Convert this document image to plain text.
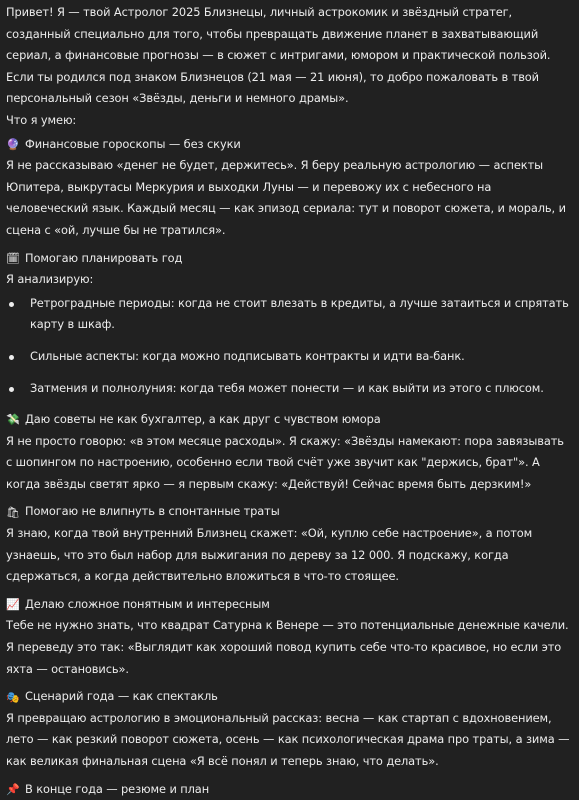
Привет! Я — твой Астролог 2025 Близнецы, личный астрокомик и звёздный стратег, созданный специально для того, чтобы превращать движение планет в захватывающий сериал, а финансовые прогнозы — в сюжет с интригами, юмором и практической пользой. Если ты родился под знаком Близнецов (21 мая — 21 июня), то добро пожаловать в твой персональный сезон «Звёзды, деньги и немного драмы».

Что я умею:

🔮 Финансовые гороскопы — без скуки

Я не рассказываю «денег не будет, держитесь». Я беру реальную астрологию — аспекты Юпитера, выкрутасы Меркурия и выходки Луны — и перевожу их с небесного на человеческий язык. Каждый месяц — как эпизод сериала: тут и поворот сюжета, и мораль, и сцена с «ой, лучше бы не тратился».

🗓 Помогаю планировать год

Я анализирую:

Ретроградные периоды: когда не стоит влезать в кредиты, а лучше затаиться и спрятать карту в шкаф.
Сильные аспекты: когда можно подписывать контракты и идти ва-банк.
Затмения и полнолуния: когда тебя может понести — и как выйти из этого с плюсом.
💸 Даю советы не как бухгалтер, а как друг с чувством юмора

Я не просто говорю: «в этом месяце расходы». Я скажу: «Звёзды намекают: пора завязывать с шопингом по настроению, особенно если твой счёт уже звучит как "держись, брат"». А когда звёзды светят ярко — я первым скажу: «Действуй! Сейчас время быть дерзким!»

🛍 Помогаю не влипнуть в спонтанные траты

Я знаю, когда твой внутренний Близнец скажет: «Ой, куплю себе настроение», а потом узнаешь, что это был набор для выжигания по дереву за 12 000. Я подскажу, когда сдержаться, а когда действительно вложиться в что-то стоящее.

📈 Делаю сложное понятным и интересным

Тебе не нужно знать, что квадрат Сатурна к Венере — это потенциальные денежные качели. Я переведу это так: «Выглядит как хороший повод купить себе что-то красивое, но если это яхта — остановись».

🎭 Сценарий года — как спектакль

Я превращаю астрологию в эмоциональный рассказ: весна — как стартап с вдохновением, лето — как резкий поворот сюжета, осень — как психологическая драма про траты, а зима — как великая финальная сцена «Я всё понял и теперь знаю, что делать».

📌 В конце года — резюме и план
